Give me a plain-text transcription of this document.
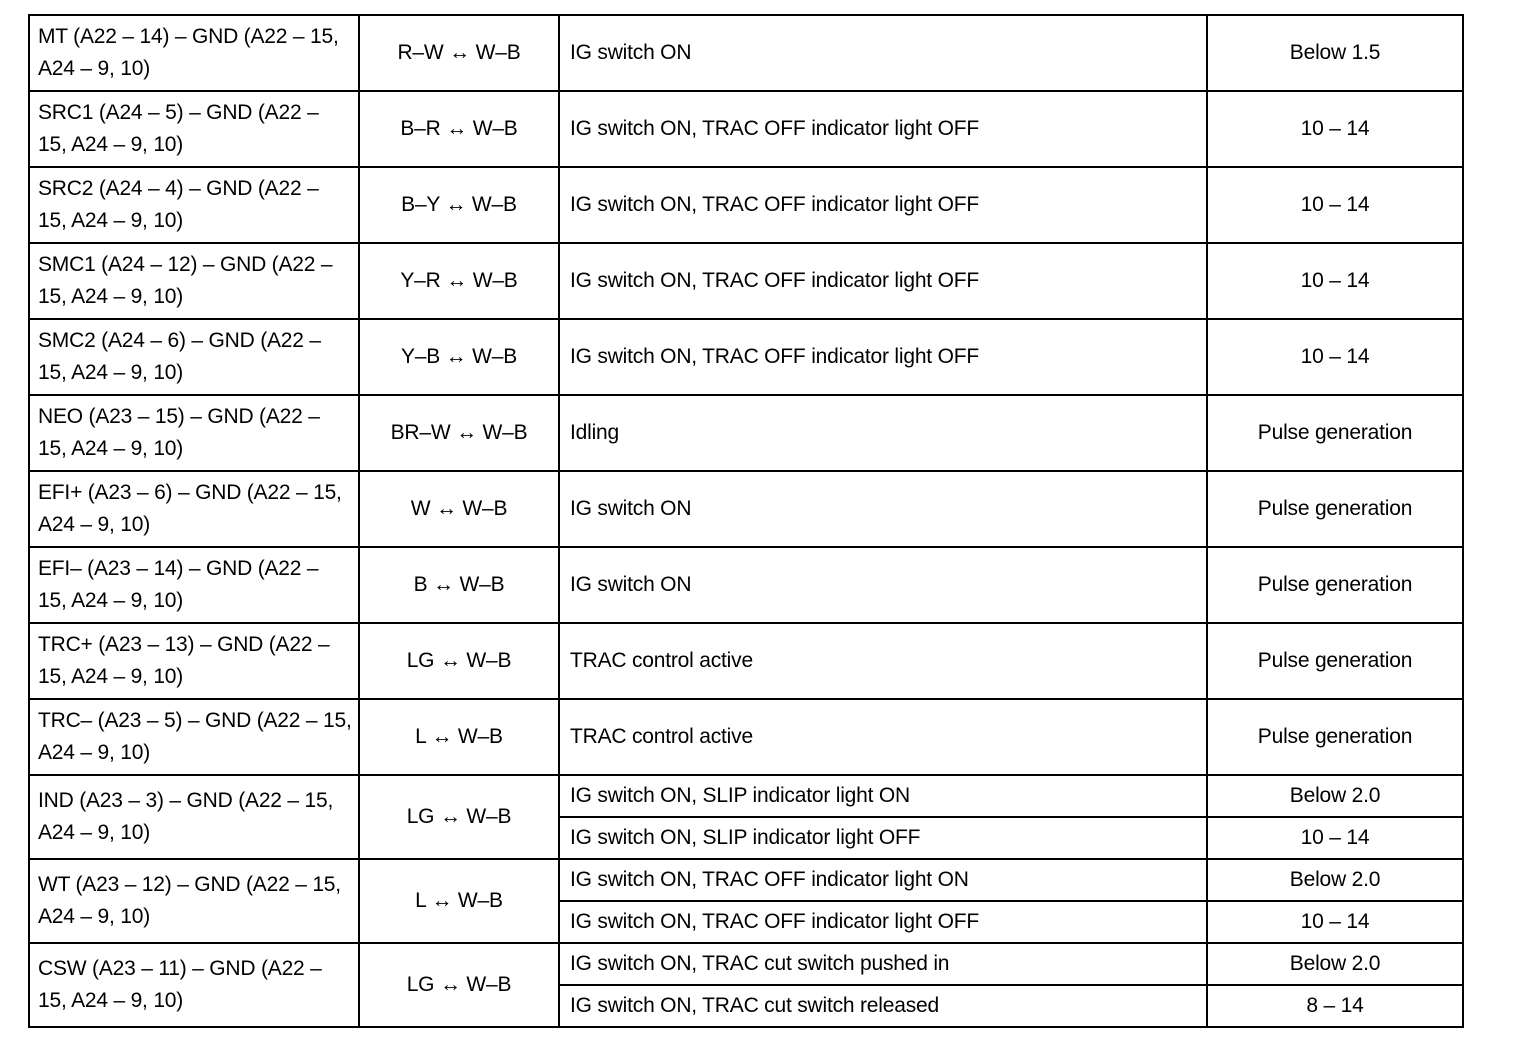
MT (A22 – 14) – GND (A22 – 15, A24 – 9, 10)	R–W ↔ W–B	IG switch ON	Below 1.5
SRC1 (A24 – 5) – GND (A22 – 15, A24 – 9, 10)	B–R ↔ W–B	IG switch ON, TRAC OFF indicator light OFF	10 – 14
SRC2 (A24 – 4) – GND (A22 – 15, A24 – 9, 10)	B–Y ↔ W–B	IG switch ON, TRAC OFF indicator light OFF	10 – 14
SMC1 (A24 – 12) – GND (A22 – 15, A24 – 9, 10)	Y–R ↔ W–B	IG switch ON, TRAC OFF indicator light OFF	10 – 14
SMC2 (A24 – 6) – GND (A22 – 15, A24 – 9, 10)	Y–B ↔ W–B	IG switch ON, TRAC OFF indicator light OFF	10 – 14
NEO (A23 – 15) – GND (A22 – 15, A24 – 9, 10)	BR–W ↔ W–B	Idling	Pulse generation
EFI+ (A23 – 6) – GND (A22 – 15, A24 – 9, 10)	W ↔ W–B	IG switch ON	Pulse generation
EFI– (A23 – 14) – GND (A22 – 15, A24 – 9, 10)	B ↔ W–B	IG switch ON	Pulse generation
TRC+ (A23 – 13) – GND (A22 – 15, A24 – 9, 10)	LG ↔ W–B	TRAC control active	Pulse generation
TRC– (A23 – 5) – GND (A22 – 15, A24 – 9, 10)	L ↔ W–B	TRAC control active	Pulse generation
IND (A23 – 3) – GND (A22 – 15, A24 – 9, 10)	LG ↔ W–B	IG switch ON, SLIP indicator light ON	Below 2.0
		IG switch ON, SLIP indicator light OFF	10 – 14
WT (A23 – 12) – GND (A22 – 15, A24 – 9, 10)	L ↔ W–B	IG switch ON, TRAC OFF indicator light ON	Below 2.0
		IG switch ON, TRAC OFF indicator light OFF	10 – 14
CSW (A23 – 11) – GND (A22 – 15, A24 – 9, 10)	LG ↔ W–B	IG switch ON, TRAC cut switch pushed in	Below 2.0
		IG switch ON, TRAC cut switch released	8 – 14
